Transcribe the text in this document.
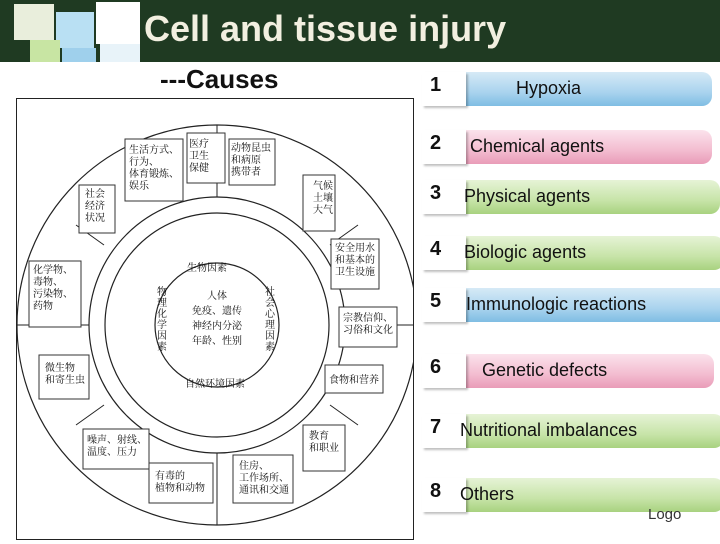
Cell and tissue injury
---Causes
医疗
卫生
保健
动物昆虫
和病原
携带者
气候
土壤
大气
安全用水
和基本的
卫生设施
宗教信仰、
习俗和文化
食物和营养
教育
和职业
住房、
工作场所、
通讯和交通
有毒的
植物和动物
噪声、射线、
温度、压力
微生物
和寄生虫
化学物、
毒物、
污染物、
药物
社会
经济
状况
生活方式、
行为、
体育锻炼、
娱乐
人体
免疫、遗传
神经内分泌
年龄、性别
生物因素
自然环境因素
物
理
化
学
因
素
社
会
心
理
因
素
1	Hypoxia
2 Chemical agents
3 Physical agents
4 Biologic agents
5 Immunologic reactions
6 Genetic defects
7 Nutritional imbalances
8 Others
Logo
